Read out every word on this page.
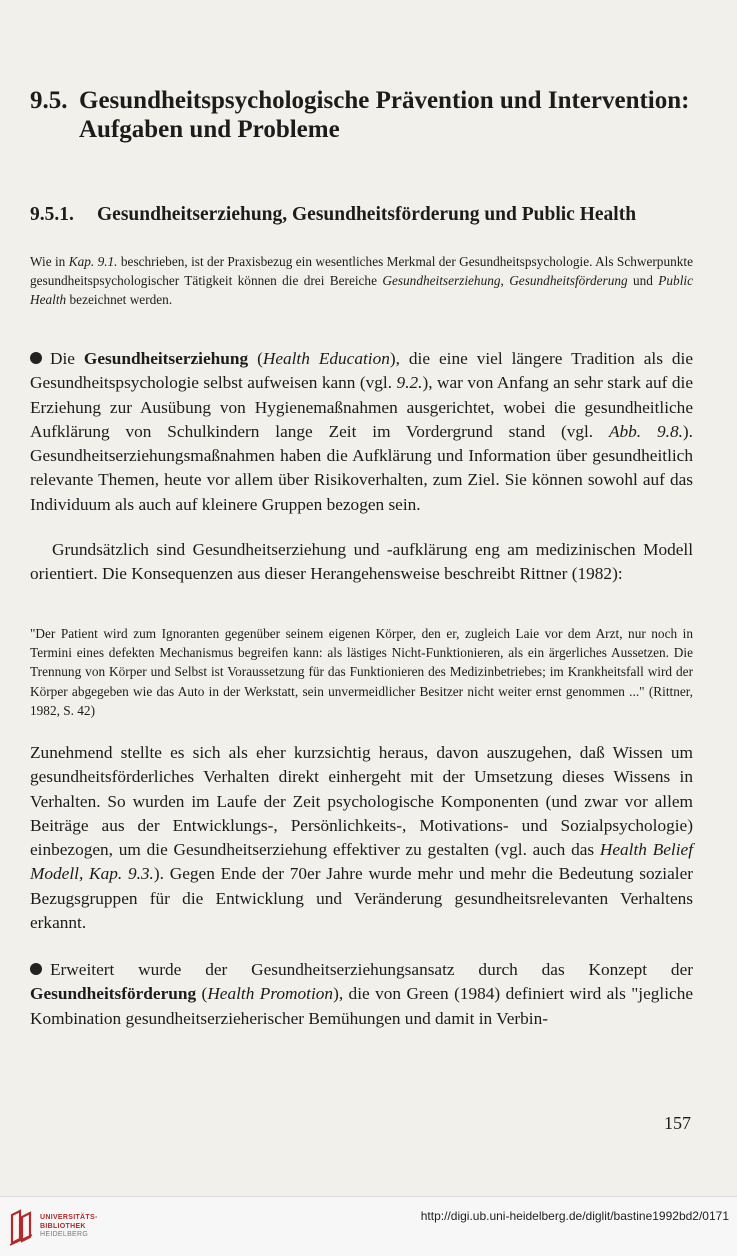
9.5. Gesundheitspsychologische Prävention und Intervention: Aufgaben und Probleme
9.5.1. Gesundheitserziehung, Gesundheitsförderung und Public Health

Wie in Kap. 9.1. beschrieben, ist der Praxisbezug ein wesentliches Merkmal der Gesundheitspsychologie. Als Schwerpunkte gesundheitspsychologischer Tätigkeit können die drei Bereiche Gesundheitserziehung, Gesundheitsförderung und Public Health bezeichnet werden.

Die Gesundheitserziehung (Health Education), die eine viel längere Tradition als die Gesundheitspsychologie selbst aufweisen kann (vgl. 9.2.), war von Anfang an sehr stark auf die Erziehung zur Ausübung von Hygienemaßnahmen ausgerichtet, wobei die gesundheitliche Aufklärung von Schulkindern lange Zeit im Vordergrund stand (vgl. Abb. 9.8.). Gesundheitserziehungsmaßnahmen haben die Aufklärung und Information über gesundheitlich relevante Themen, heute vor allem über Risikoverhalten, zum Ziel. Sie können sowohl auf das Individuum als auch auf kleinere Gruppen bezogen sein.

Grundsätzlich sind Gesundheitserziehung und -aufklärung eng am medizinischen Modell orientiert. Die Konsequenzen aus dieser Herangehensweise beschreibt Rittner (1982):

"Der Patient wird zum Ignoranten gegenüber seinem eigenen Körper, den er, zugleich Laie vor dem Arzt, nur noch in Termini eines defekten Mechanismus begreifen kann: als lästiges Nicht-Funktionieren, als ein ärgerliches Aussetzen. Die Trennung von Körper und Selbst ist Voraussetzung für das Funktionieren des Medizinbetriebes; im Krankheitsfall wird der Körper abgegeben wie das Auto in der Werkstatt, sein unvermeidlicher Besitzer nicht weiter ernst genommen ..." (Rittner, 1982, S. 42)

Zunehmend stellte es sich als eher kurzsichtig heraus, davon auszugehen, daß Wissen um gesundheitsförderliches Verhalten direkt einhergeht mit der Umsetzung dieses Wissens in Verhalten. So wurden im Laufe der Zeit psychologische Komponenten (und zwar vor allem Beiträge aus der Entwicklungs-, Persönlichkeits-, Motivations- und Sozialpsychologie) einbezogen, um die Gesundheitserziehung effektiver zu gestalten (vgl. auch das Health Belief Modell, Kap. 9.3.). Gegen Ende der 70er Jahre wurde mehr und mehr die Bedeutung sozialer Bezugsgruppen für die Entwicklung und Veränderung gesundheitsrelevanten Verhaltens erkannt.

Erweitert wurde der Gesundheitserziehungsansatz durch das Konzept der Gesundheitsförderung (Health Promotion), die von Green (1984) definiert wird als "jegliche Kombination gesundheitserzieherischer Bemühungen und damit in Verbin-

157
UNIVERSITÄTS-
BIBLIOTHEK
HEIDELBERG
http://digi.ub.uni-heidelberg.de/diglit/bastine1992bd2/0171
